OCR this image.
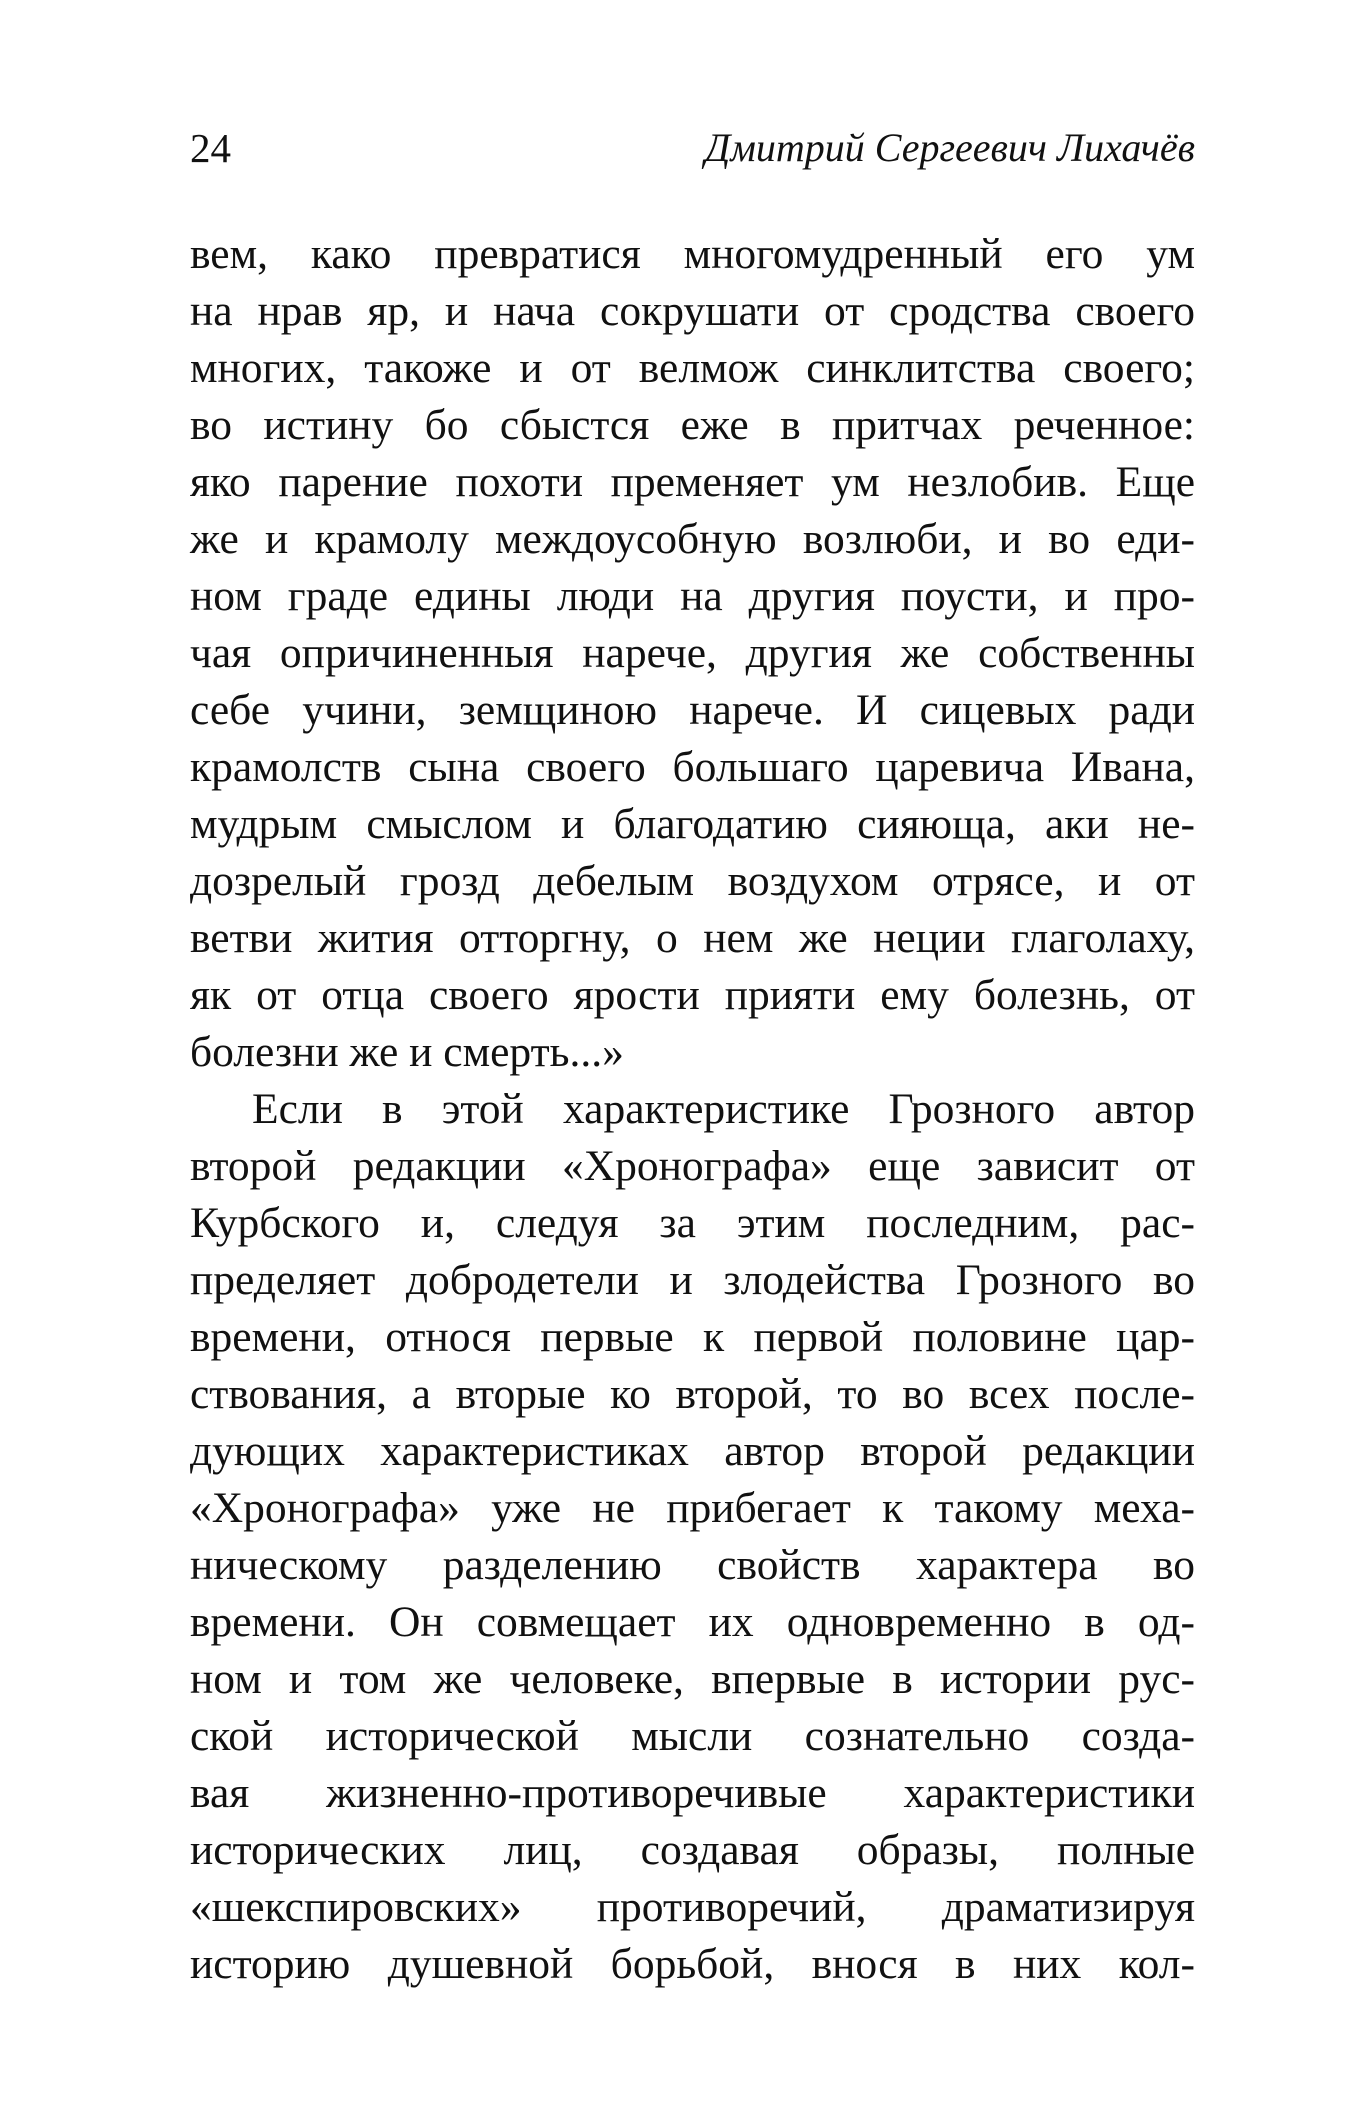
24	Дмитрий Сергеевич Лихачёв
вем, како превратися многомудренный его ум
на нрав яр, и нача сокрушати от сродства своего
многих, такоже и от велмож синклитства своего;
во истину бо сбыстся еже в притчах реченное:
яко парение похоти пременяет ум незлобив. Еще
же и крамолу междоусобную возлюби, и во еди-
ном граде едины люди на другия поусти, и про-
чая опричиненныя нарече, другия же собственны
себе учини, земщиною нарече. И сицевых ради
крамолств сына своего большаго царевича Ивана,
мудрым смыслом и благодатию сияюща, аки не-
дозрелый грозд дебелым воздухом отрясе, и от
ветви жития отторгну, о нем же неции глаголаху,
як от отца своего ярости прияти ему болезнь, от
болезни же и смерть...»
Если в этой характеристике Грозного автор
второй редакции «Хронографа» еще зависит от
Курбского и, следуя за этим последним, рас-
пределяет добродетели и злодейства Грозного во
времени, относя первые к первой половине цар-
ствования, а вторые ко второй, то во всех после-
дующих характеристиках автор второй редакции
«Хронографа» уже не прибегает к такому меха-
ническому разделению свойств характера во
времени. Он совмещает их одновременно в од-
ном и том же человеке, впервые в истории рус-
ской исторической мысли сознательно созда-
вая жизненно-противоречивые характеристики
исторических лиц, создавая образы, полные
«шекспировских» противоречий, драматизируя
историю душевной борьбой, внося в них кол-
